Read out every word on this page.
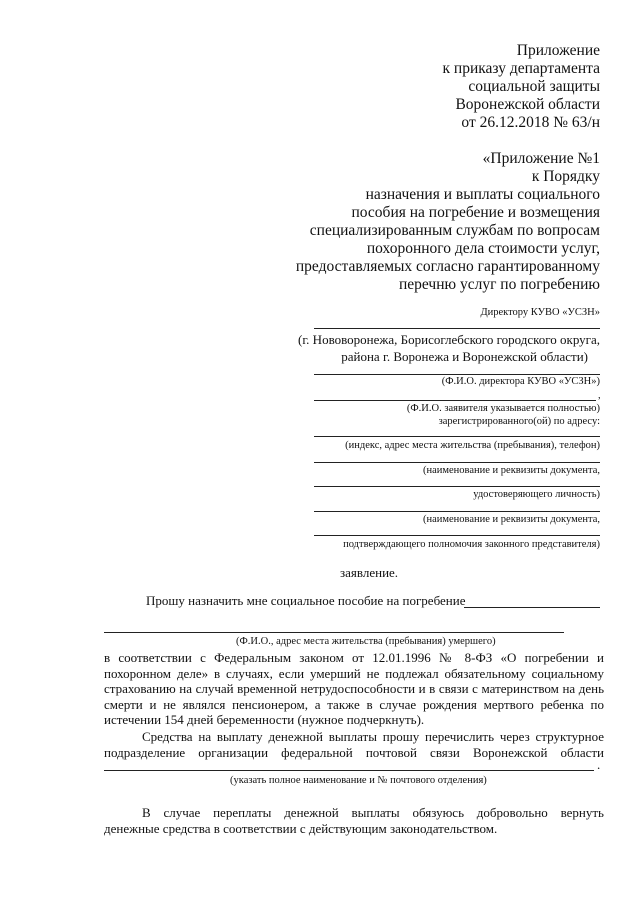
Приложение
к приказу департамента
социальной защиты
Воронежской области
от 26.12.2018 № 63/н
«Приложение №1
к Порядку
назначения и выплаты социального
пособия на погребение и возмещения
специализированным службам по вопросам
похоронного дела стоимости услуг,
предоставляемых согласно гарантированному
перечню услуг по погребению
Директору КУВО «УСЗН»
(г. Нововоронежа, Борисоглебского городского округа,
района г. Воронежа и Воронежской области)
(Ф.И.О. директора КУВО «УСЗН»)
,
(Ф.И.О. заявителя указывается полностью)
зарегистрированного(ой) по адресу:
(индекс, адрес места жительства (пребывания), телефон)
(наименование и реквизиты документа,
удостоверяющего личность)
(наименование и реквизиты документа,
подтверждающего полномочия законного представителя)
заявление.
Прошу назначить мне социальное пособие на погребение
(Ф.И.О., адрес места жительства (пребывания) умершего)

в соответствии с Федеральным законом от 12.01.1996 № 8-ФЗ «О погребении и

похоронном деле» в случаях, если умерший не подлежал обязательному социальному страхованию на случай временной нетрудоспособности и в связи с материнством на день смерти и не являлся пенсионером, а также в случае рождения мертвого ребенка по истечении 154 дней беременности (нужное подчеркнуть).

Средства на выплату денежной выплаты прошу перечислить через структурное

подразделение организации федеральной почтовой связи Воронежской области

.
(указать полное наименование и № почтового отделения)

В случае переплаты денежной выплаты обязуюсь добровольно вернуть

денежные средства в соответствии с действующим законодательством.
